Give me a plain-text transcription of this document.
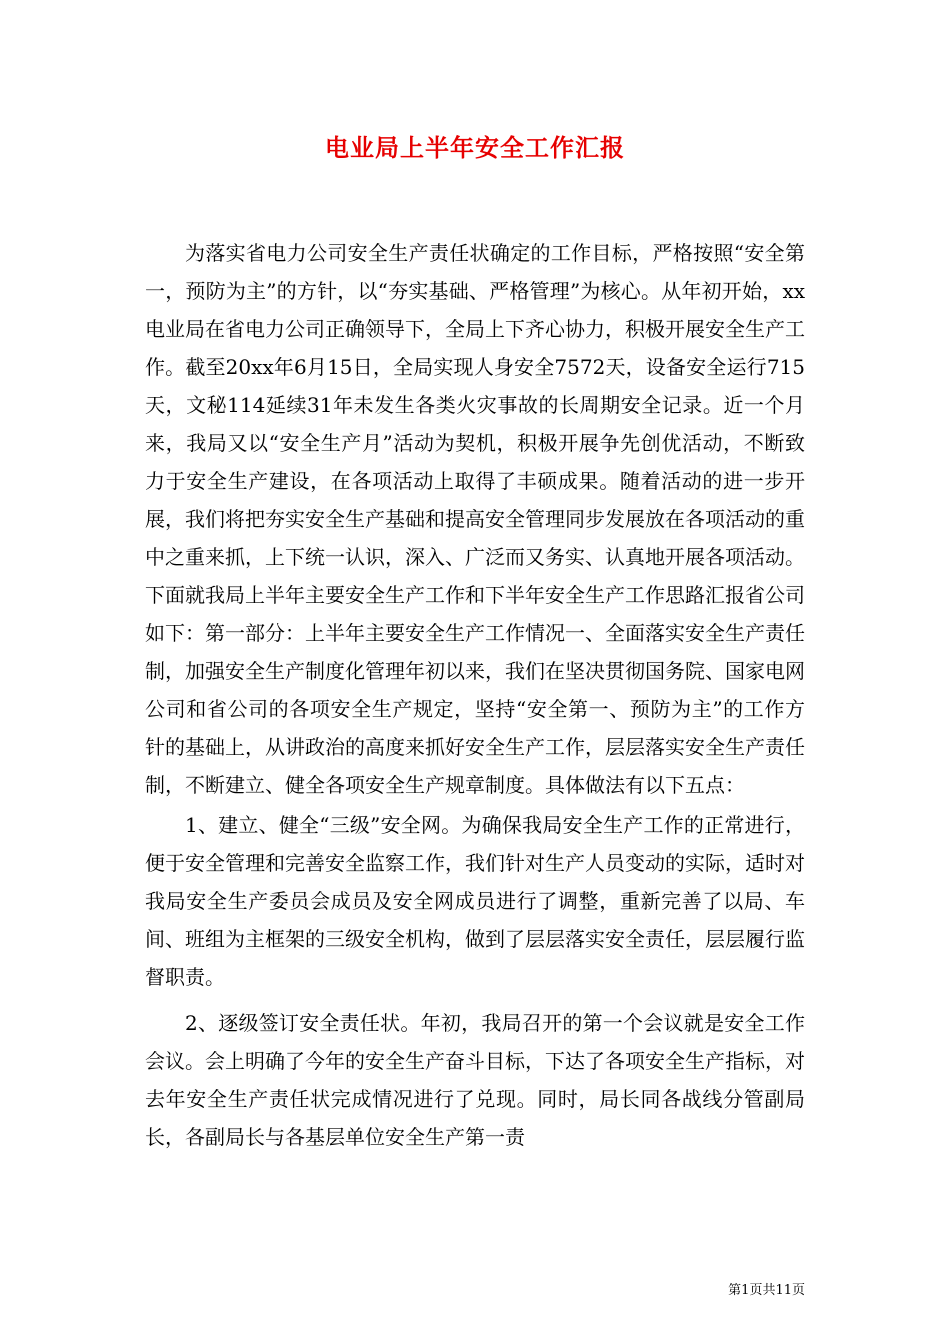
电业局上半年安全工作汇报

为落实省电力公司安全生产责任状确定的工作目标，严格按照“安全第一，预防为主”的方针，以“夯实基础、严格管理”为核心。从年初开始，xx电业局在省电力公司正确领导下，全局上下齐心协力，积极开展安全生产工作。截至20xx年6月15日，全局实现人身安全7572天，设备安全运行715天，文秘114延续31年未发生各类火灾事故的长周期安全记录。近一个月来，我局又以“安全生产月”活动为契机，积极开展争先创优活动，不断致力于安全生产建设，在各项活动上取得了丰硕成果。随着活动的进一步开展，我们将把夯实安全生产基础和提高安全管理同步发展放在各项活动的重中之重来抓，上下统一认识，深入、广泛而又务实、认真地开展各项活动。下面就我局上半年主要安全生产工作和下半年安全生产工作思路汇报省公司如下：第一部分：上半年主要安全生产工作情况一、全面落实安全生产责任制，加强安全生产制度化管理年初以来，我们在坚决贯彻国务院、国家电网公司和省公司的各项安全生产规定，坚持“安全第一、预防为主”的工作方针的基础上，从讲政治的高度来抓好安全生产工作，层层落实安全生产责任制，不断建立、健全各项安全生产规章制度。具体做法有以下五点：

1、建立、健全“三级”安全网。为确保我局安全生产工作的正常进行，便于安全管理和完善安全监察工作，我们针对生产人员变动的实际，适时对我局安全生产委员会成员及安全网成员进行了调整，重新完善了以局、车间、班组为主框架的三级安全机构，做到了层层落实安全责任，层层履行监督职责。

2、逐级签订安全责任状。年初，我局召开的第一个会议就是安全工作会议。会上明确了今年的安全生产奋斗目标，下达了各项安全生产指标，对去年安全生产责任状完成情况进行了兑现。同时，局长同各战线分管副局长，各副局长与各基层单位安全生产第一责

第1页共11页
